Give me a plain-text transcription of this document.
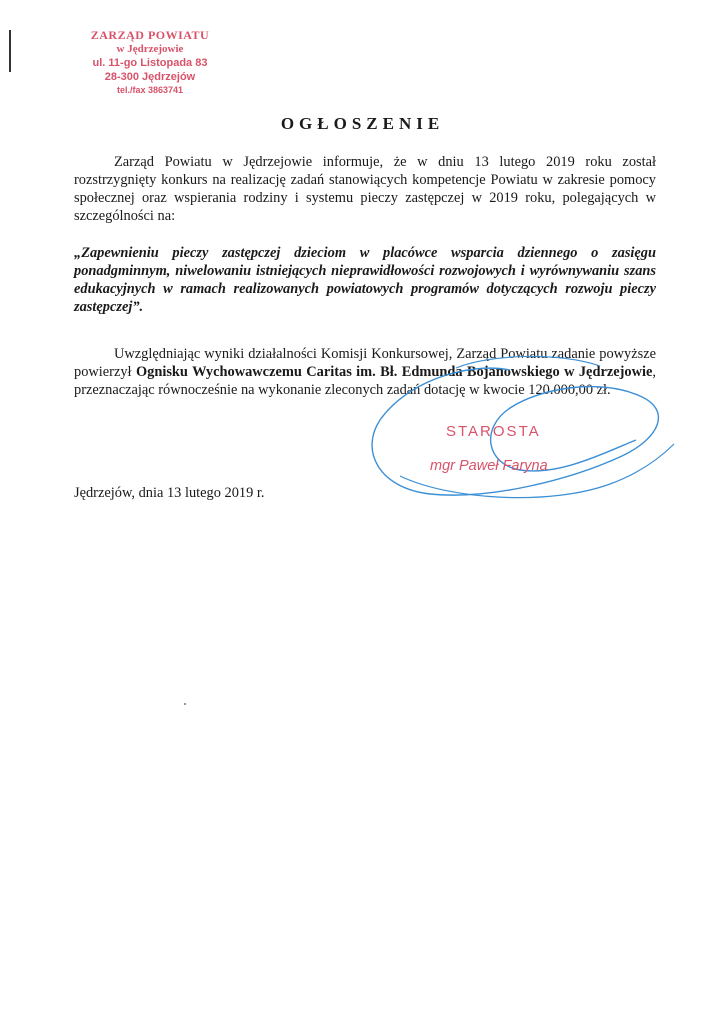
ZARZĄD POWIATU
w Jędrzejowie
ul. 11-go Listopada 83
28-300 Jędrzejów
tel./fax 3863741
OGŁOSZENIE

Zarząd Powiatu w Jędrzejowie informuje, że w dniu 13 lutego 2019 roku został rozstrzygnięty konkurs na realizację zadań stanowiących kompetencje Powiatu w zakresie pomocy społecznej oraz wspierania rodziny i systemu pieczy zastępczej w 2019 roku, polegających w szczególności na:

„Zapewnieniu pieczy zastępczej dzieciom w placówce wsparcia dziennego o zasięgu ponadgminnym, niwelowaniu istniejących nieprawidłowości rozwojowych i wyrównywaniu szans edukacyjnych w ramach realizowanych powiatowych programów dotyczących rozwoju pieczy zastępczej”.

Uwzględniając wyniki działalności Komisji Konkursowej, Zarząd Powiatu zadanie powyższe powierzył Ognisku Wychowawczemu Caritas im. Bł. Edmunda Bojanowskiego w Jędrzejowie, przeznaczając równocześnie na wykonanie zleconych zadań dotację w kwocie 120.000,00 zł.

Jędrzejów, dnia 13 lutego 2019 r.

STAROSTA
mgr Paweł Faryna
